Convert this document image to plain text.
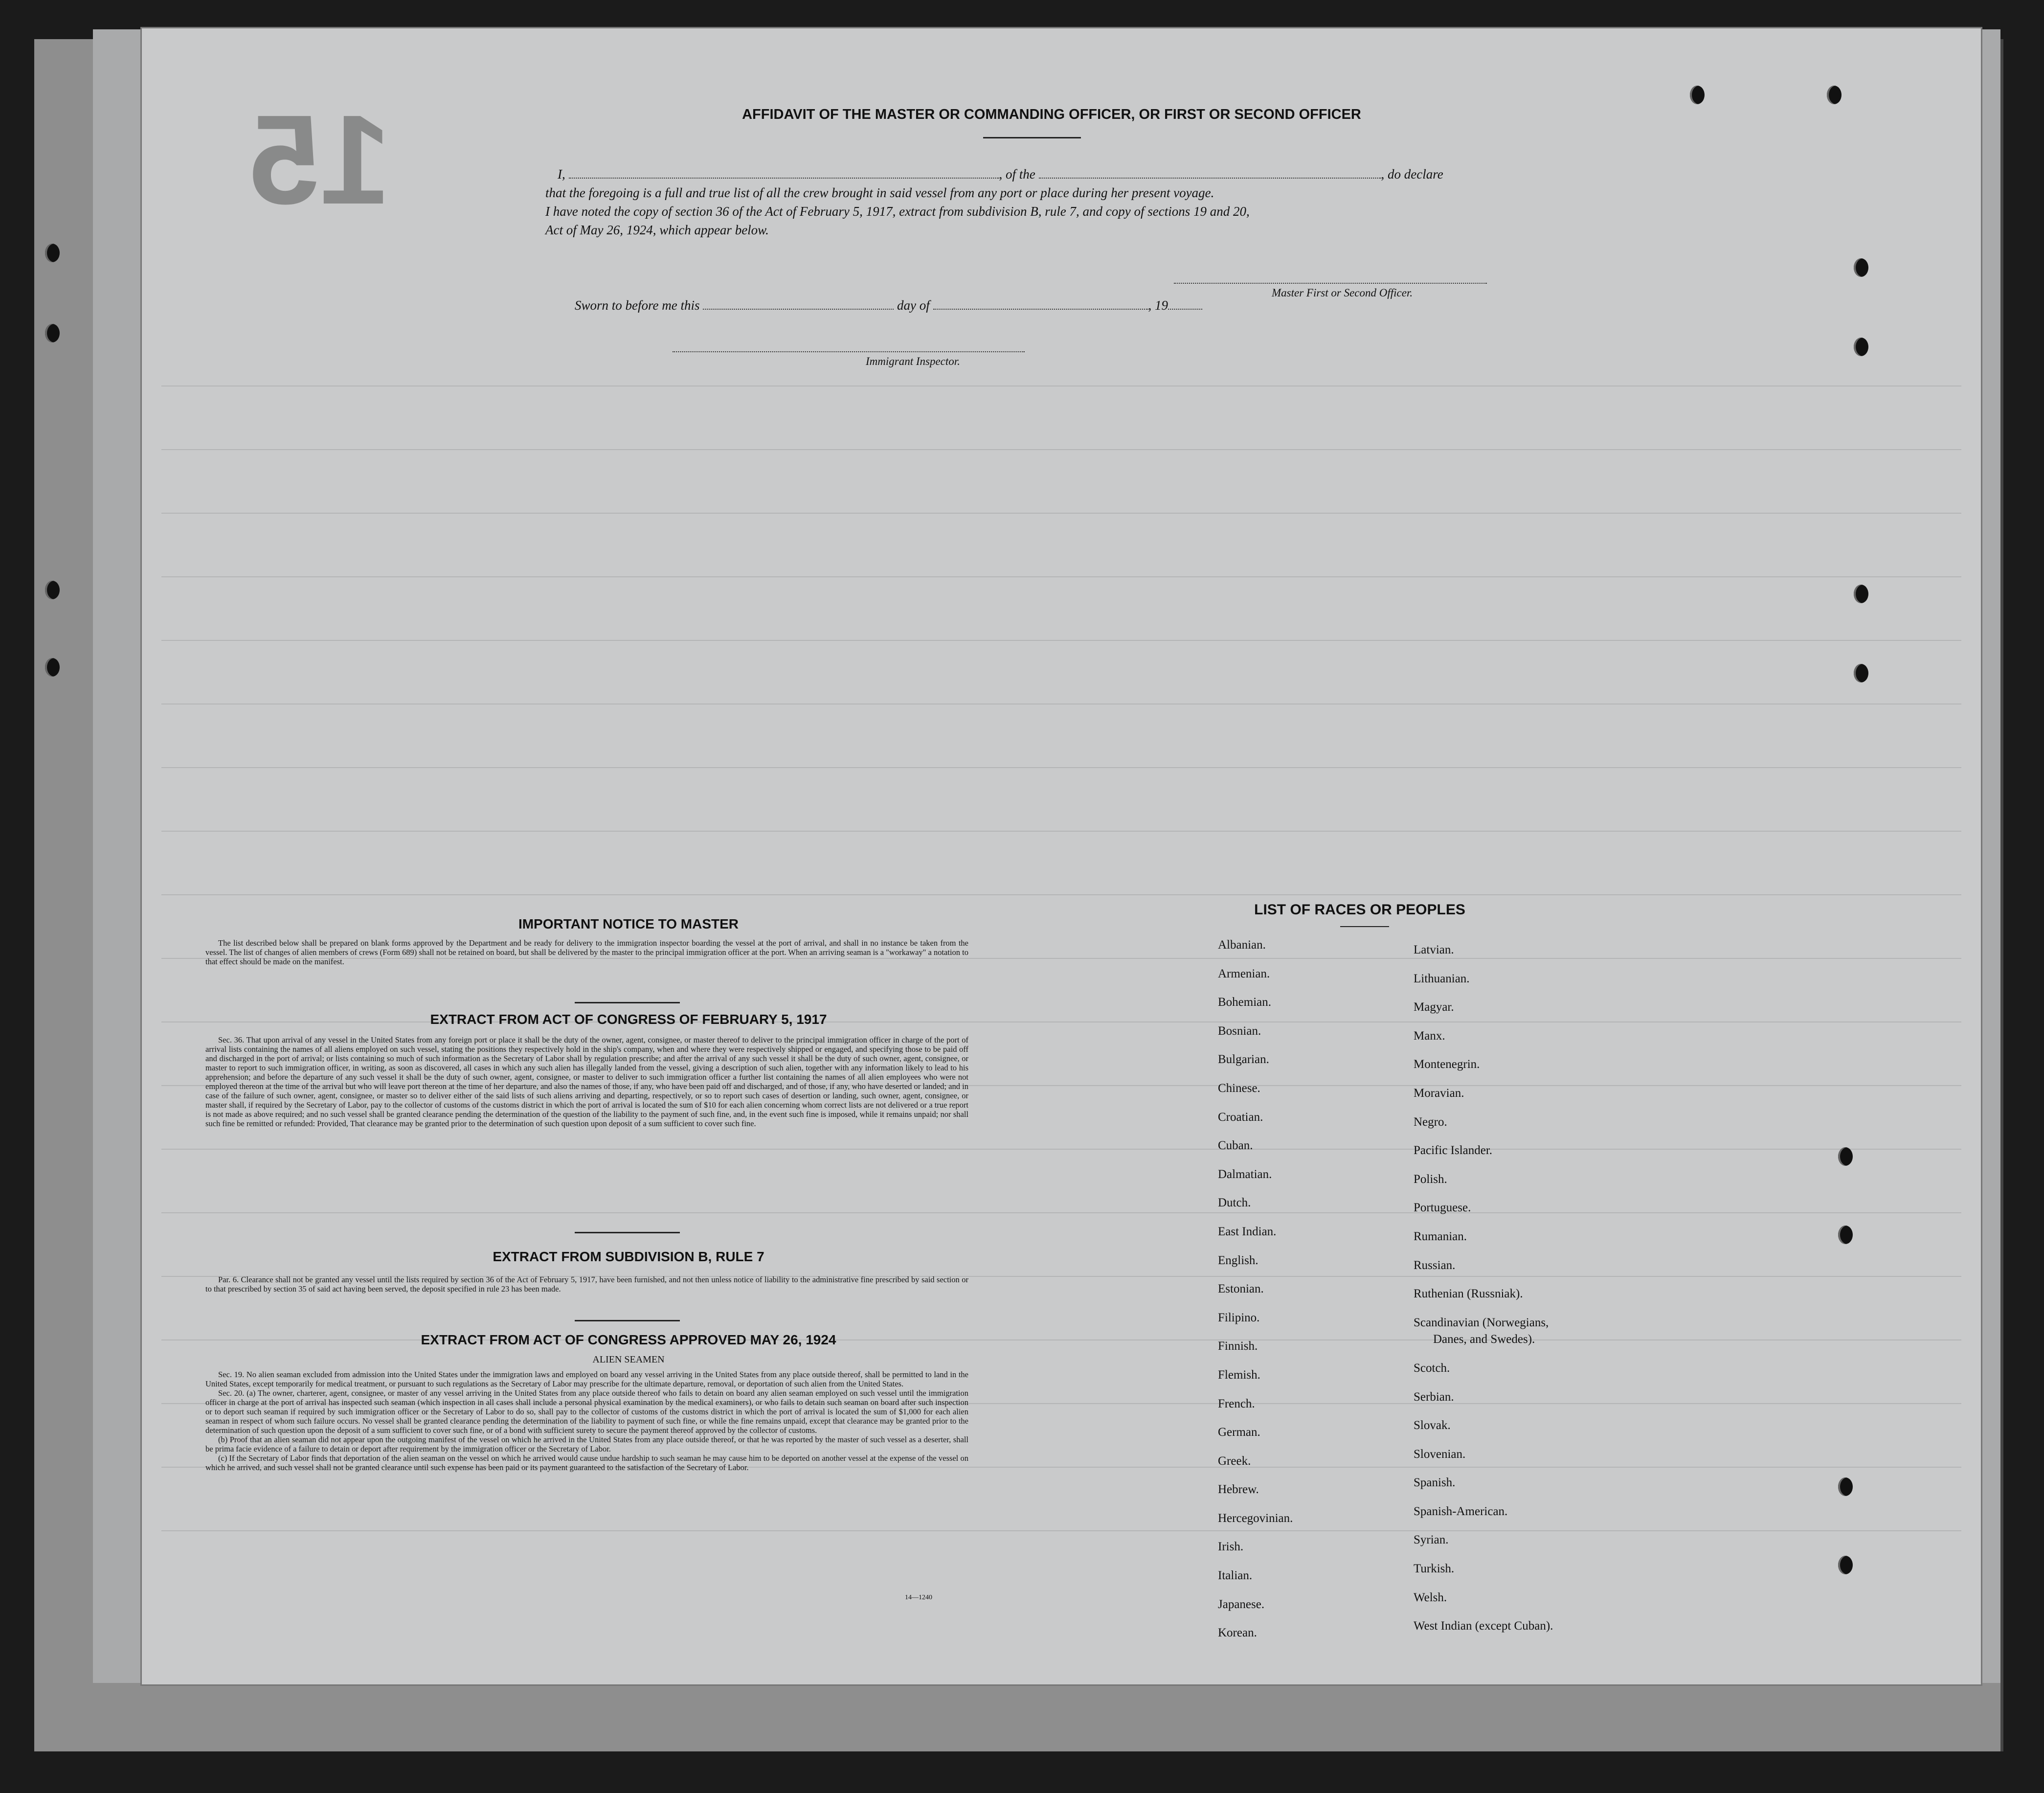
15	AFFIDAVIT OF THE MASTER OR COMMANDING OFFICER, OR FIRST OR SECOND OFFICER
I,	, of the	, do declare
that the foregoing is a full and true list of all the crew brought in said vessel from any port or place during her present voyage.
I have noted the copy of section 36 of the Act of February 5, 1917, extract from subdivision B, rule 7, and copy of sections 19 and 20,
Act of May 26, 1924, which appear below.
Master First or Second Officer.
Sworn to before me this	day of	, 19
Immigrant Inspector.
IMPORTANT NOTICE TO MASTER

The list described below shall be prepared on blank forms approved by the Department and be ready for delivery to the immigration inspector boarding the vessel at the port of arrival, and shall in no instance be taken from the vessel. The list of changes of alien members of crews (Form 689) shall not be retained on board, but shall be delivered by the master to the principal immigration officer at the port. When an arriving seaman is a "workaway" a notation to that effect should be made on the manifest.

EXTRACT FROM ACT OF CONGRESS OF FEBRUARY 5, 1917

Sec. 36. That upon arrival of any vessel in the United States from any foreign port or place it shall be the duty of the owner, agent, consignee, or master thereof to deliver to the principal immigration officer in charge of the port of arrival lists containing the names of all aliens employed on such vessel, stating the positions they respectively hold in the ship's company, when and where they were respectively shipped or engaged, and specifying those to be paid off and discharged in the port of arrival; or lists containing so much of such information as the Secretary of Labor shall by regulation prescribe; and after the arrival of any such vessel it shall be the duty of such owner, agent, consignee, or master to report to such immigration officer, in writing, as soon as discovered, all cases in which any such alien has illegally landed from the vessel, giving a description of such alien, together with any information likely to lead to his apprehension; and before the departure of any such vessel it shall be the duty of such owner, agent, consignee, or master to deliver to such immigration officer a further list containing the names of all alien employees who were not employed thereon at the time of the arrival but who will leave port thereon at the time of her departure, and also the names of those, if any, who have been paid off and discharged, and of those, if any, who have deserted or landed; and in case of the failure of such owner, agent, consignee, or master so to deliver either of the said lists of such aliens arriving and departing, respectively, or so to report such cases of desertion or landing, such owner, agent, consignee, or master shall, if required by the Secretary of Labor, pay to the collector of customs of the customs district in which the port of arrival is located the sum of $10 for each alien concerning whom correct lists are not delivered or a true report is not made as above required; and no such vessel shall be granted clearance pending the determination of the question of the liability to the payment of such fine, and, in the event such fine is imposed, while it remains unpaid; nor shall such fine be remitted or refunded: Provided, That clearance may be granted prior to the determination of such question upon deposit of a sum sufficient to cover such fine.

EXTRACT FROM SUBDIVISION B, RULE 7

Par. 6. Clearance shall not be granted any vessel until the lists required by section 36 of the Act of February 5, 1917, have been furnished, and not then unless notice of liability to the administrative fine prescribed by said section or to that prescribed by section 35 of said act having been served, the deposit specified in rule 23 has been made.

EXTRACT FROM ACT OF CONGRESS APPROVED MAY 26, 1924
ALIEN SEAMEN

Sec. 19. No alien seaman excluded from admission into the United States under the immigration laws and employed on board any vessel arriving in the United States from any place outside thereof, shall be permitted to land in the United States, except temporarily for medical treatment, or pursuant to such regulations as the Secretary of Labor may prescribe for the ultimate departure, removal, or deportation of such alien from the United States.

Sec. 20. (a) The owner, charterer, agent, consignee, or master of any vessel arriving in the United States from any place outside thereof who fails to detain on board any alien seaman employed on such vessel until the immigration officer in charge at the port of arrival has inspected such seaman (which inspection in all cases shall include a personal physical examination by the medical examiners), or who fails to detain such seaman on board after such inspection or to deport such seaman if required by such immigration officer or the Secretary of Labor to do so, shall pay to the collector of customs of the customs district in which the port of arrival is located the sum of $1,000 for each alien seaman in respect of whom such failure occurs. No vessel shall be granted clearance pending the determination of the liability to payment of such fine, or while the fine remains unpaid, except that clearance may be granted prior to the determination of such question upon the deposit of a sum sufficient to cover such fine, or of a bond with sufficient surety to secure the payment thereof approved by the collector of customs.

(b) Proof that an alien seaman did not appear upon the outgoing manifest of the vessel on which he arrived in the United States from any place outside thereof, or that he was reported by the master of such vessel as a deserter, shall be prima facie evidence of a failure to detain or deport after requirement by the immigration officer or the Secretary of Labor.

(c) If the Secretary of Labor finds that deportation of the alien seaman on the vessel on which he arrived would cause undue hardship to such seaman he may cause him to be deported on another vessel at the expense of the vessel on which he arrived, and such vessel shall not be granted clearance until such expense has been paid or its payment guaranteed to the satisfaction of the Secretary of Labor.

14—1240
LIST OF RACES OR PEOPLES
Albanian.
Armenian.
Bohemian.
Bosnian.
Bulgarian.
Chinese.
Croatian.
Cuban.
Dalmatian.
Dutch.
East Indian.
English.
Estonian.
Filipino.
Finnish.
Flemish.
French.
German.
Greek.
Hebrew.
Hercegovinian.
Irish.
Italian.
Japanese.
Korean.
Latvian.
Lithuanian.
Magyar.
Manx.
Montenegrin.
Moravian.
Negro.
Pacific Islander.
Polish.
Portuguese.
Rumanian.
Russian.
Ruthenian (Russniak).
Scandinavian (Norwegians,
Danes, and Swedes).
Scotch.
Serbian.
Slovak.
Slovenian.
Spanish.
Spanish-American.
Syrian.
Turkish.
Welsh.
West Indian (except Cuban).
